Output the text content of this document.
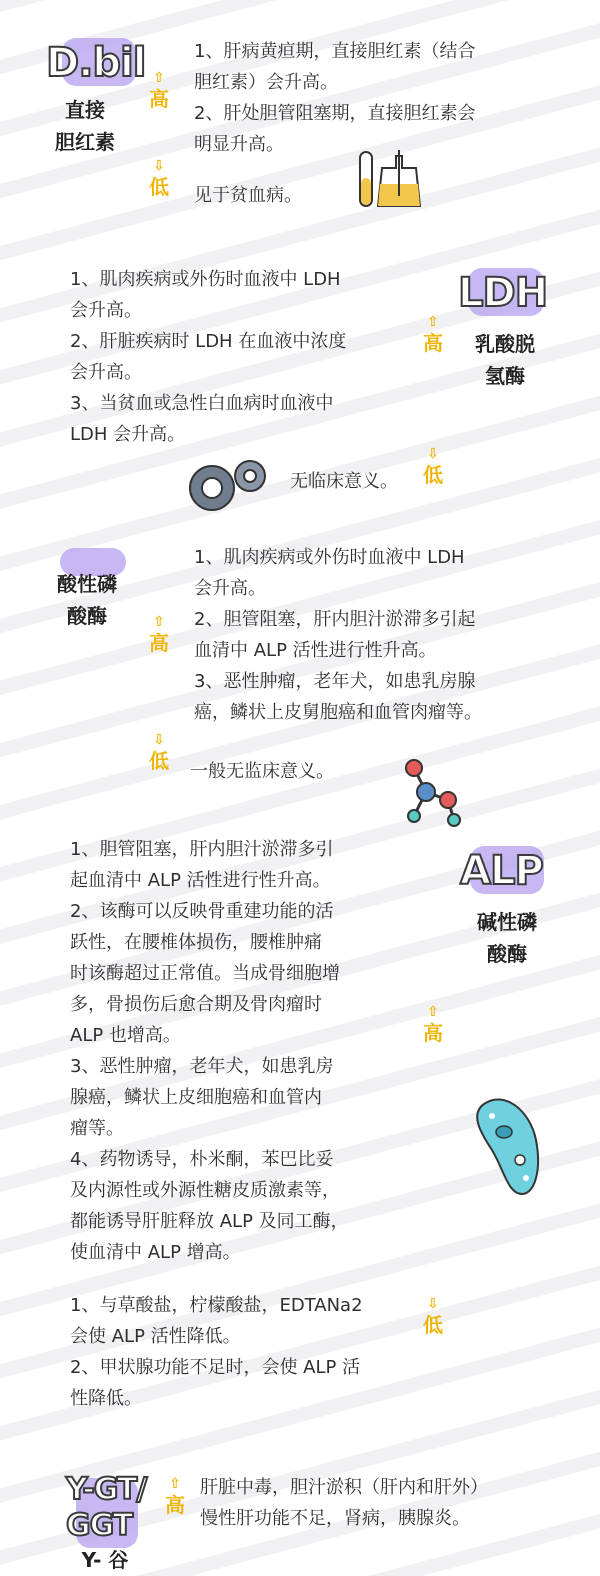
D.bil
直接
胆红素
⇧
高
1、肝病黄疸期，直接胆红素（结合
胆红素）会升高。
2、肝处胆管阻塞期，直接胆红素会
明显升高。
⇩
低 见于贫血病。
1、肌肉疾病或外伤时血液中 LDH
会升高。
2、肝脏疾病时 LDH 在血液中浓度
会升高。
3、当贫血或急性白血病时血液中
LDH 会升高。
⇧
高
LDH
乳酸脱
氢酶
无临床意义。
⇩
低
酸性磷
酸酶
1、肌肉疾病或外伤时血液中 LDH
会升高。
2、胆管阻塞，肝内胆汁淤滞多引起
血清中 ALP 活性进行性升高。
3、恶性肿瘤，老年犬，如患乳房腺
癌，鳞状上皮舅胞癌和血管肉瘤等。
⇧
高
⇩
低 一般无监床意义。
1、胆管阻塞，肝内胆汁淤滞多引
起血清中 ALP 活性进行性升高。
2、该酶可以反映骨重建功能的活
跃性，在腰椎体损伤，腰椎肿痛
时该酶超过正常值。当成骨细胞增
多，骨损伤后愈合期及骨肉瘤时
ALP 也增高。
3、恶性肿瘤，老年犬，如患乳房
腺癌，鳞状上皮细胞癌和血管内
瘤等。
4、药物诱导，朴米酮，苯巴比妥
及内源性或外源性糖皮质激素等，
都能诱导肝脏释放 ALP 及同工酶，
使血清中 ALP 增高。
ALP
碱性磷
酸酶
⇧
高
1、与草酸盐，柠檬酸盐，EDTANa2
会使 ALP 活性降低。
2、甲状腺功能不足时，会使 ALP 活
性降低。
⇩
低
Y-GT/
GGT
Y- 谷
⇧
高
肝脏中毒，胆汁淤积（肝内和肝外）
慢性肝功能不足，肾病，胰腺炎。
